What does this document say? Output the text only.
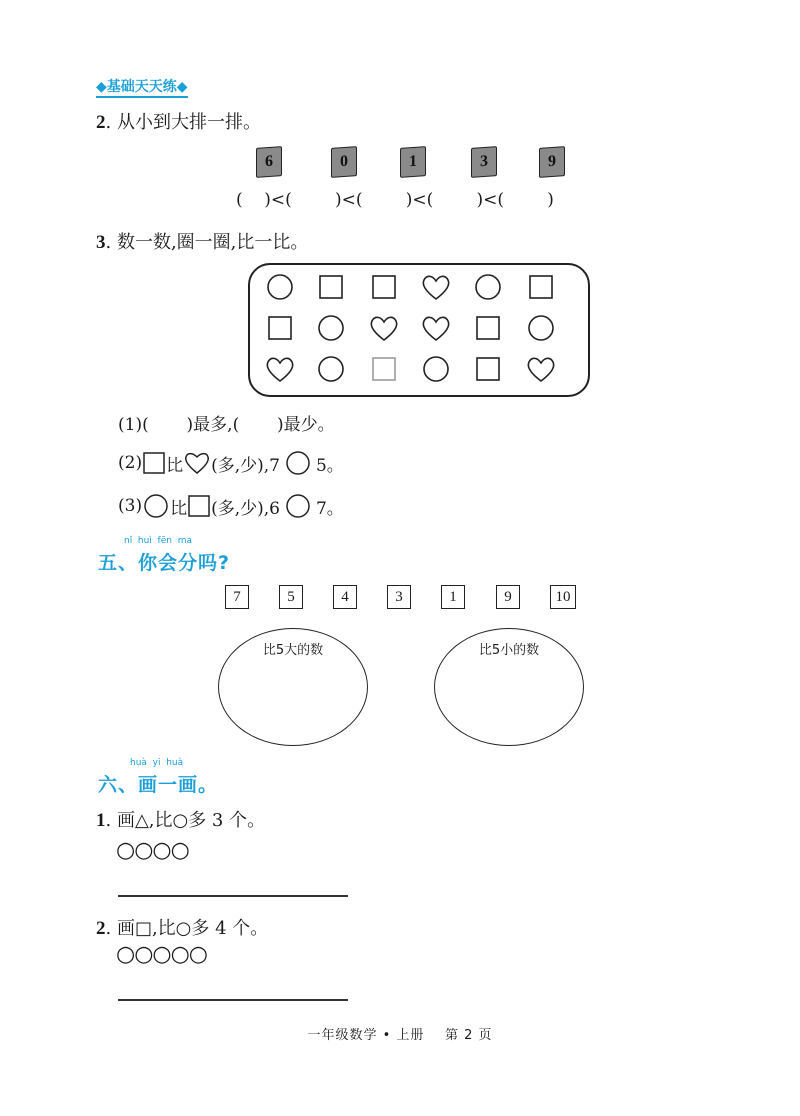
◆基础天天练◆
2. 从小到大排一排。
6	0	1	3	9
(    )<(        )<(        )<(        )<(        )
3. 数一数,圈一圈,比一比。
(1)(       )最多,(       )最少。
(2) 比 (多,少),7 5。
(3) 比 (多,少),6 7。
nǐ  huì  fēn  ma
五、你会分吗?
7	5	4	3	1	9	10
比5大的数	比5小的数
huà  yi  huà
六、画一画。
1. 画△,比○多 3 个。
○○○○
2. 画□,比○多 4 个。
○○○○○
一年级数学 • 上册    第 2 页
